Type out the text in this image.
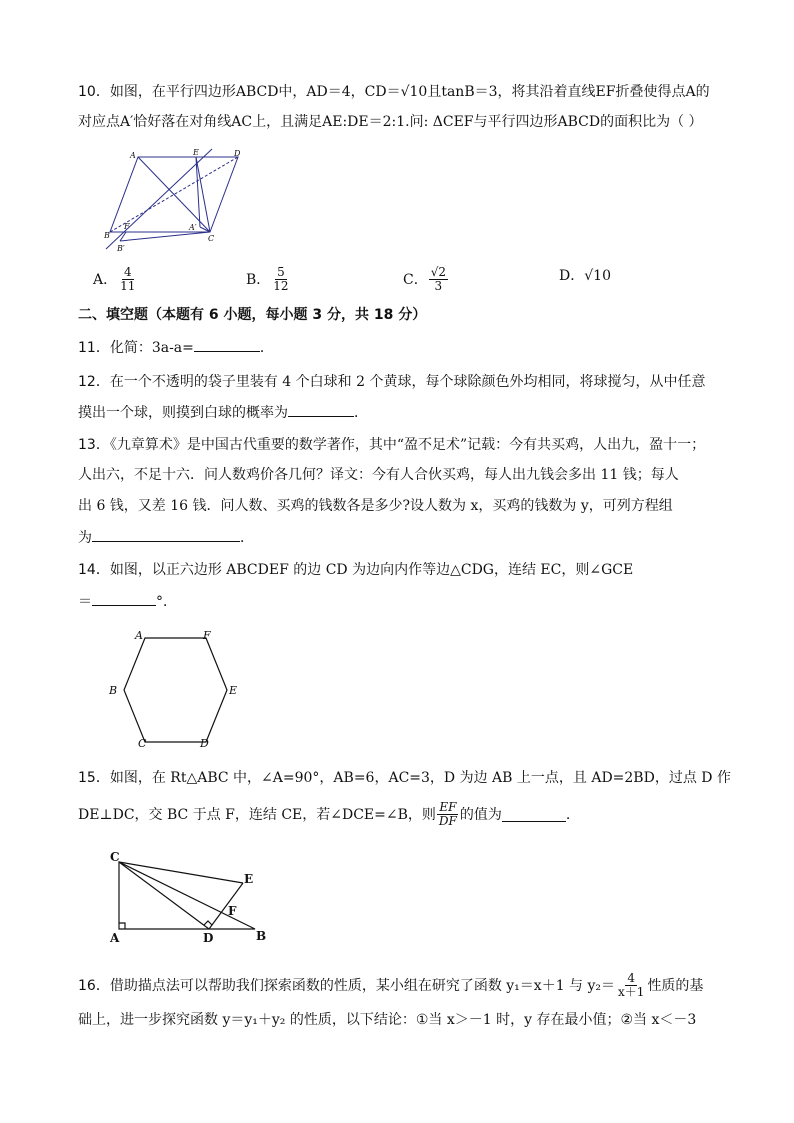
10．如图，在平行四边形ABCD中，AD＝4，CD＝√10且tanB＝3，将其沿着直线EF折叠使得点A的
对应点A′恰好落在对角线AC上，且满足AE:DE＝2:1.问: ΔCEF与平行四边形ABCD的面积比为（ ）
A	E	D
F	A′
B
B′
C
A． $\frac{4}{11}$	B． $\frac{5}{12}$	C． $\frac{√2}{3}$	D． √10
二、填空题（本题有 6 小题，每小题 3 分，共 18 分）
11．化简：3a-a=	．
12．在一个不透明的袋子里装有 4 个白球和 2 个黄球，每个球除颜色外均相同，将球搅匀，从中任意
摸出一个球，则摸到白球的概率为	．
13．《九章算术》是中国古代重要的数学著作，其中“盈不足术”记载：今有共买鸡，人出九，盈十一；
人出六，不足十六．问人数鸡价各几何？译文：今有人合伙买鸡，每人出九钱会多出 11 钱；每人
出 6 钱，又差 16 钱．问人数、买鸡的钱数各是多少?设人数为 x，买鸡的钱数为 y，可列方程组
为	．
14．如图，以正六边形 ABCDEF 的边 CD 为边向内作等边△CDG，连结 EC，则∠GCE
＝	°．
A	F
B	E
C	D
15．如图，在 Rt△ABC 中，∠A=90°，AB=6，AC=3，D 为边 AB 上一点，且 AD=2BD，过点 D 作
DE⊥DC，交 BC 于点 F，连结 CE，若∠DCE=∠B，则 $\frac{EF}{DF}$ 的值为	.
C
E
F
A	D	B
16． 借助描点法可以帮助我们探索函数的性质，某小组在研究了函数 y₁＝x＋1 与 $y_2= \frac{4}{x+1}$ 性质的基
础上，进一步探究函数 y＝y₁＋y₂ 的性质，以下结论： ① 当 x＞－1 时，y 存在最小值； ② 当 x＜－3
